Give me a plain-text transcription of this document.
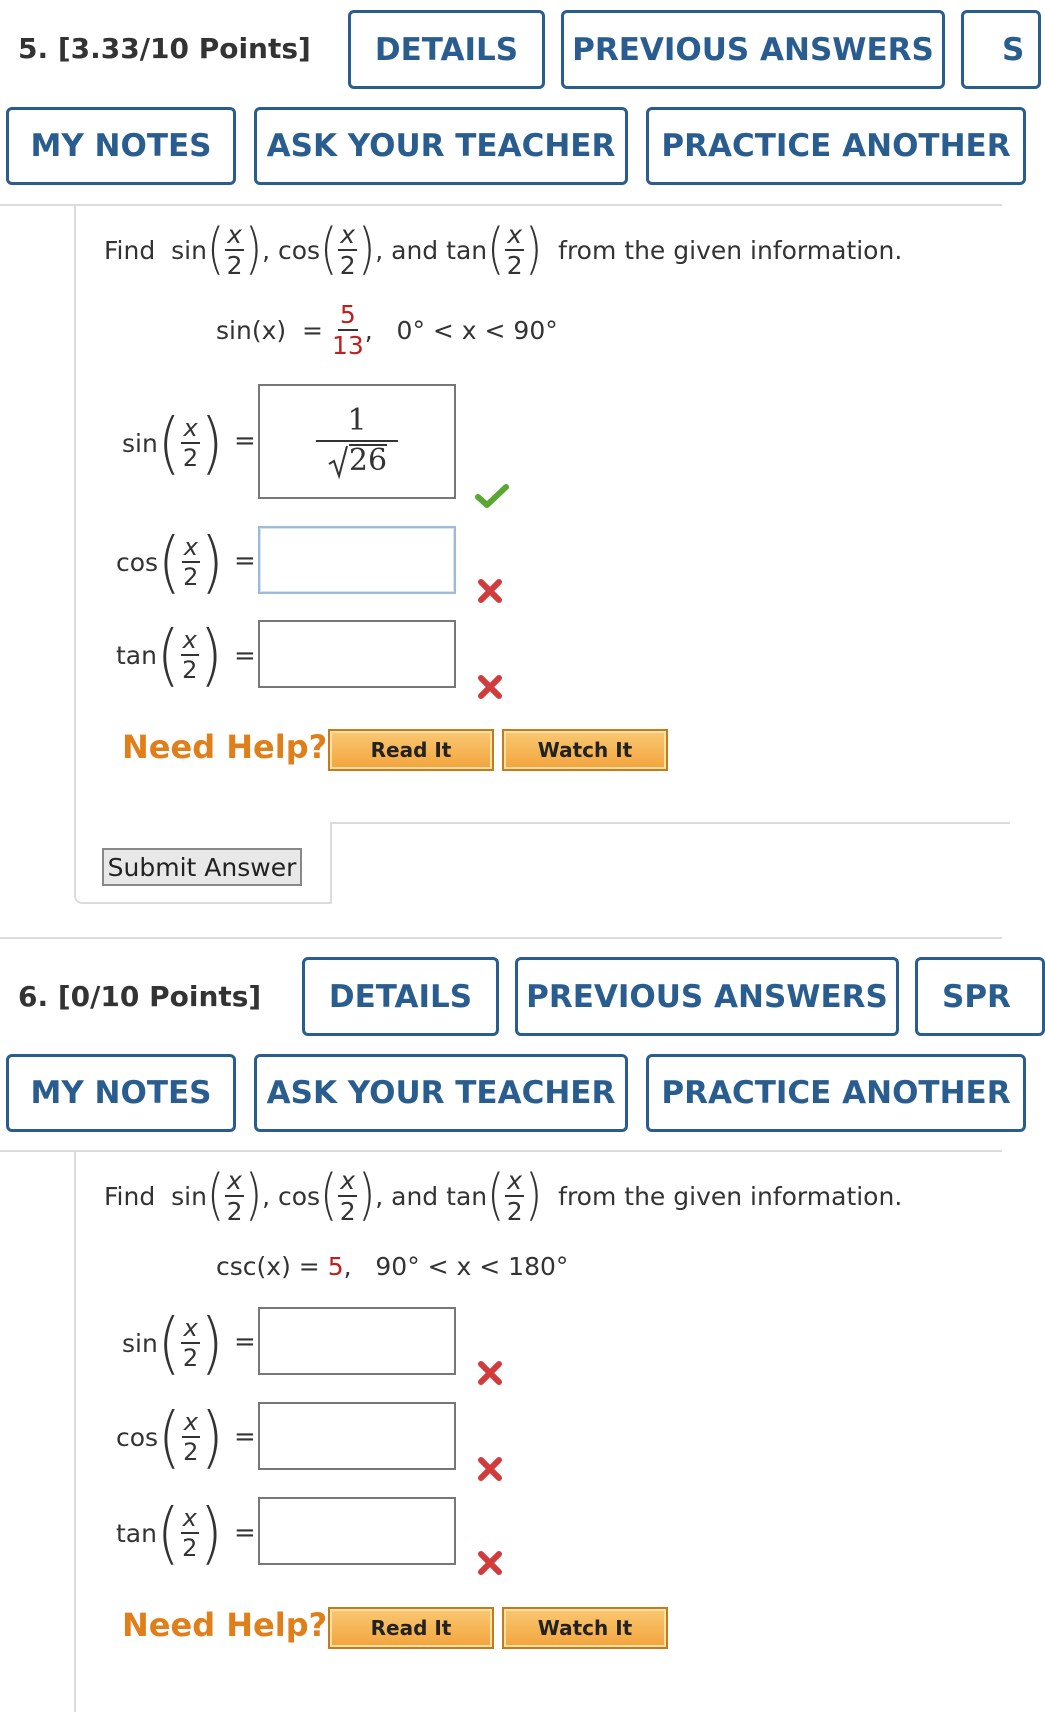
5. [3.33/10 Points]	DETAILS	PREVIOUS ANSWERS	S
MY NOTES	ASK YOUR TEACHER	PRACTICE ANOTHER
Find
sin ( $\frac{x}{2}$ ) , cos ( $\frac{x}{2}$ ) , and
tan ( $\frac{x}{2}$ )
from the given information.
sin(x)
=
$\frac{5}{13}$ ,
0° < x < 90°
sin ( $\frac{x}{2}$ ) = $\frac{1}{26}$
cos ( $\frac{x}{2}$ ) =
tan ( $\frac{x}{2}$ ) =
Need Help?	Read It	Watch It
Submit Answer
6. [0/10 Points]	DETAILS	PREVIOUS ANSWERS	SPR
MY NOTES	ASK YOUR TEACHER	PRACTICE ANOTHER
Find
sin ( $\frac{x}{2}$ ) , cos ( $\frac{x}{2}$ ) , and
tan ( $\frac{x}{2}$ )
from the given information.
csc(x)
=
5 ,
90° < x < 180°
sin ( $\frac{x}{2}$ ) =
cos ( $\frac{x}{2}$ ) =
tan ( $\frac{x}{2}$ ) =
Need Help?	Read It	Watch It
